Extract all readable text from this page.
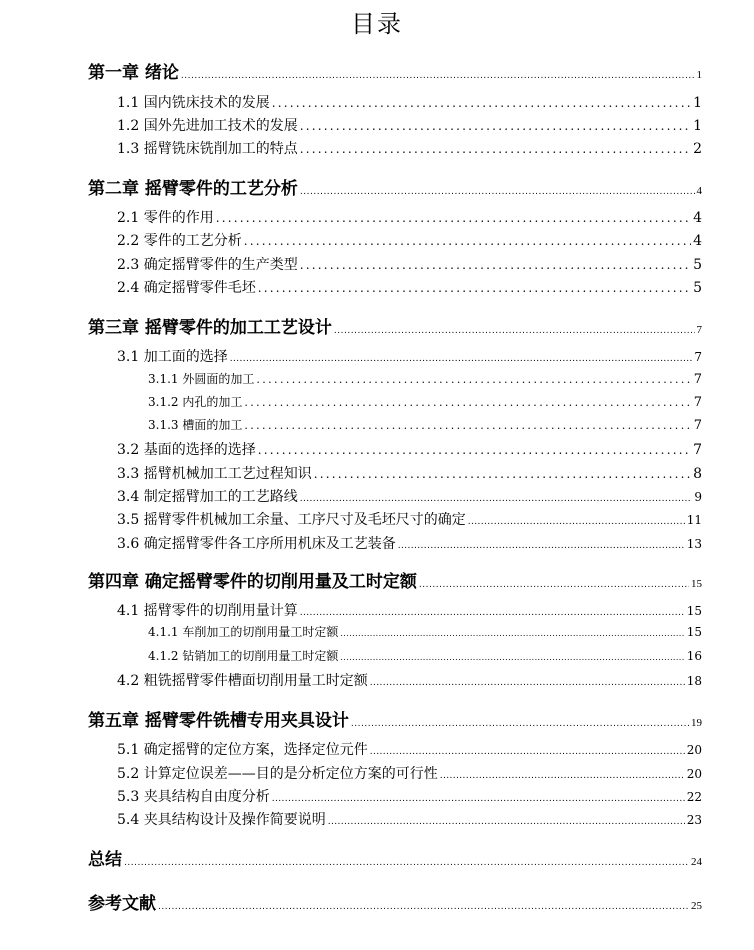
目录
第一章 绪论 .....	1
1.1 国内铣床技术的发展 .....	1
1.2 国外先进加工技术的发展 .....	1
1.3 摇臂铣床铣削加工的特点 .....	2
第二章 摇臂零件的工艺分析 .....	4
2.1 零件的作用 .....	4
2.2 零件的工艺分析 .....	4
2.3 确定摇臂零件的生产类型 .....	5
2.4 确定摇臂零件毛坯 .....	5
第三章 摇臂零件的加工工艺设计 .....	7
3.1 加工面的选择 .....	7
3.1.1 外圆面的加工 .....	7
3.1.2 内孔的加工 .....	7
3.1.3 槽面的加工 .....	7
3.2 基面的选择的选择 .....	7
3.3 摇臂机械加工工艺过程知识 .....	8
3.4 制定摇臂加工的工艺路线 .....	9
3.5 摇臂零件机械加工余量、工序尺寸及毛坯尺寸的确定 .....	11
3.6 确定摇臂零件各工序所用机床及工艺装备 .....	13
第四章 确定摇臂零件的切削用量及工时定额 .....	15
4.1 摇臂零件的切削用量计算 .....	15
4.1.1 车削加工的切削用量工时定额 .....	15
4.1.2 钻销加工的切削用量工时定额 .....	16
4.2 粗铣摇臂零件槽面切削用量工时定额 .....	18
第五章 摇臂零件铣槽专用夹具设计 .....	19
5.1 确定摇臂的定位方案，选择定位元件 .....	20
5.2 计算定位误差——目的是分析定位方案的可行性 .....	20
5.3 夹具结构自由度分析 .....	22
5.4 夹具结构设计及操作简要说明 .....	23
总结 .....	24
参考文献 .....	25
